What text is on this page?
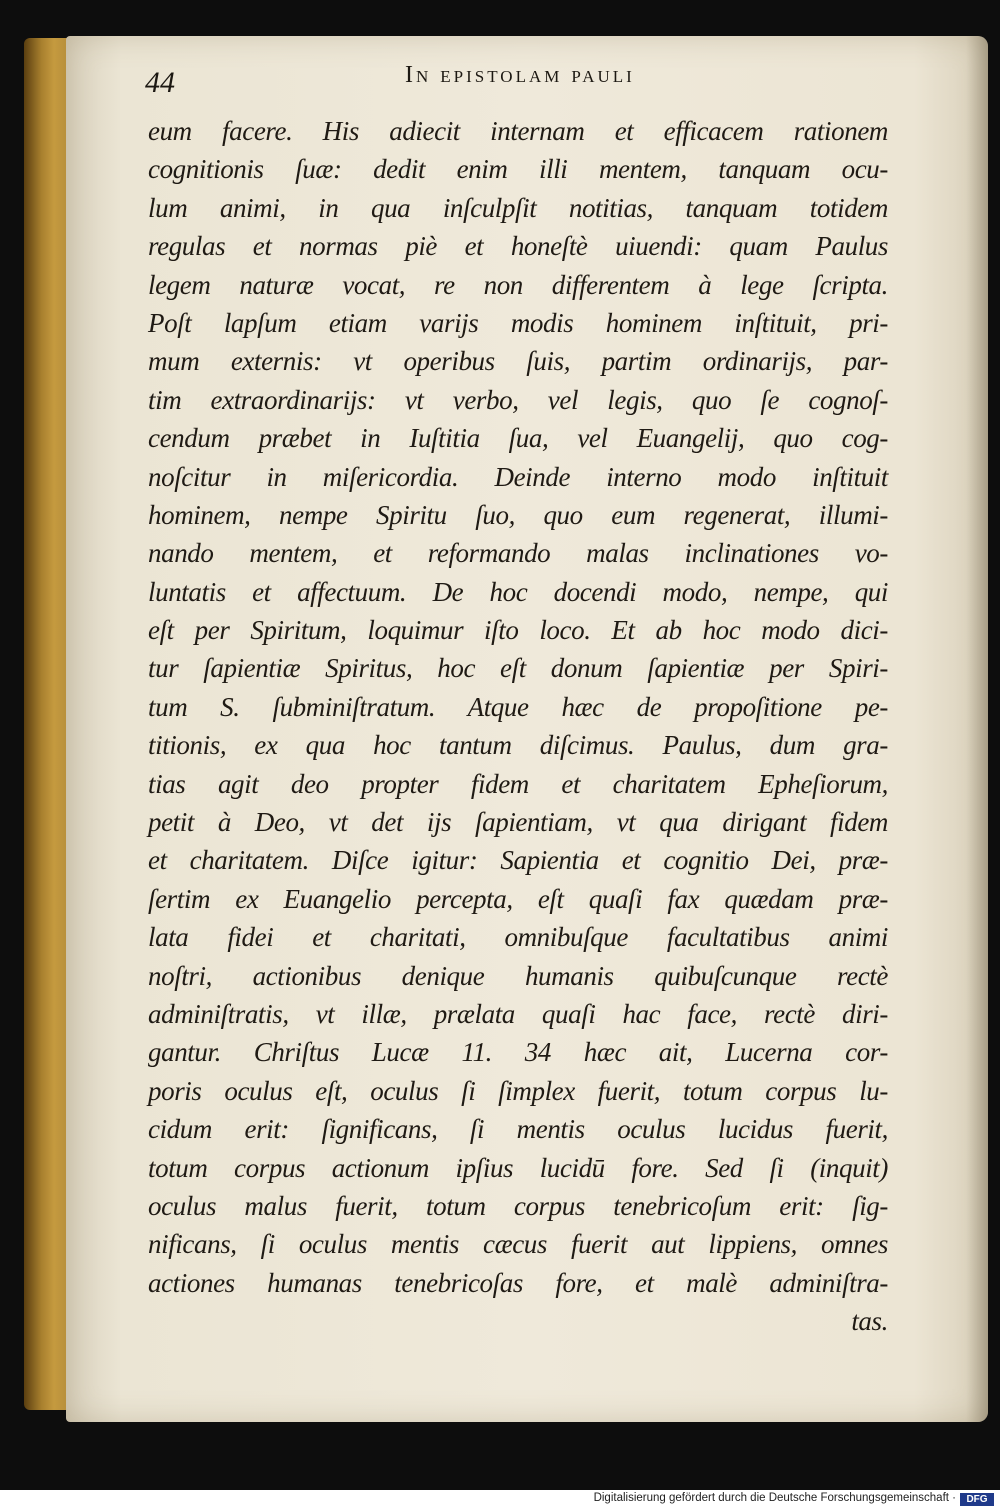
44	In epistolam pauli
eum facere. His adiecit internam et efficacem rationem
cognitionis ſuæ: dedit enim illi mentem, tanquam ocu-
lum animi, in qua inſculpſit notitias, tanquam totidem
regulas et normas piè et honeſtè uiuendi: quam Paulus
legem naturæ vocat, re non differentem à lege ſcripta.
Poſt lapſum etiam varijs modis hominem inſtituit, pri-
mum externis: vt operibus ſuis, partim ordinarijs, par-
tim extraordinarijs: vt verbo, vel legis, quo ſe cognoſ-
cendum præbet in Iuſtitia ſua, vel Euangelij, quo cog-
noſcitur in miſericordia. Deinde interno modo inſtituit
hominem, nempe Spiritu ſuo, quo eum regenerat, illumi-
nando mentem, et reformando malas inclinationes vo-
luntatis et affectuum. De hoc docendi modo, nempe, qui
eſt per Spiritum, loquimur iſto loco. Et ab hoc modo dici-
tur ſapientiæ Spiritus, hoc eſt donum ſapientiæ per Spiri-
tum S. ſubminiſtratum. Atque hæc de propoſitione pe-
titionis, ex qua hoc tantum diſcimus. Paulus, dum gra-
tias agit deo propter fidem et charitatem Epheſiorum,
petit à Deo, vt det ijs ſapientiam, vt qua dirigant fidem
et charitatem. Diſce igitur: Sapientia et cognitio Dei, præ-
ſertim ex Euangelio percepta, eſt quaſi fax quædam præ-
lata fidei et charitati, omnibuſque facultatibus animi
noſtri, actionibus denique humanis quibuſcunque rectè
adminiſtratis, vt illæ, prælata quaſi hac face, rectè diri-
gantur. Chriſtus Lucæ 11. 34 hæc ait, Lucerna cor-
poris oculus eſt, oculus ſi ſimplex fuerit, totum corpus lu-
cidum erit: ſignificans, ſi mentis oculus lucidus fuerit,
totum corpus actionum ipſius lucidū fore. Sed ſi (inquit)
oculus malus fuerit, totum corpus tenebricoſum erit: ſig-
nificans, ſi oculus mentis cæcus fuerit aut lippiens, omnes
actiones humanas tenebricoſas fore, et malè adminiſtra-
tas.
Digitalisierung gefördert durch die Deutsche Forschungsgemeinschaft ·	DFG
